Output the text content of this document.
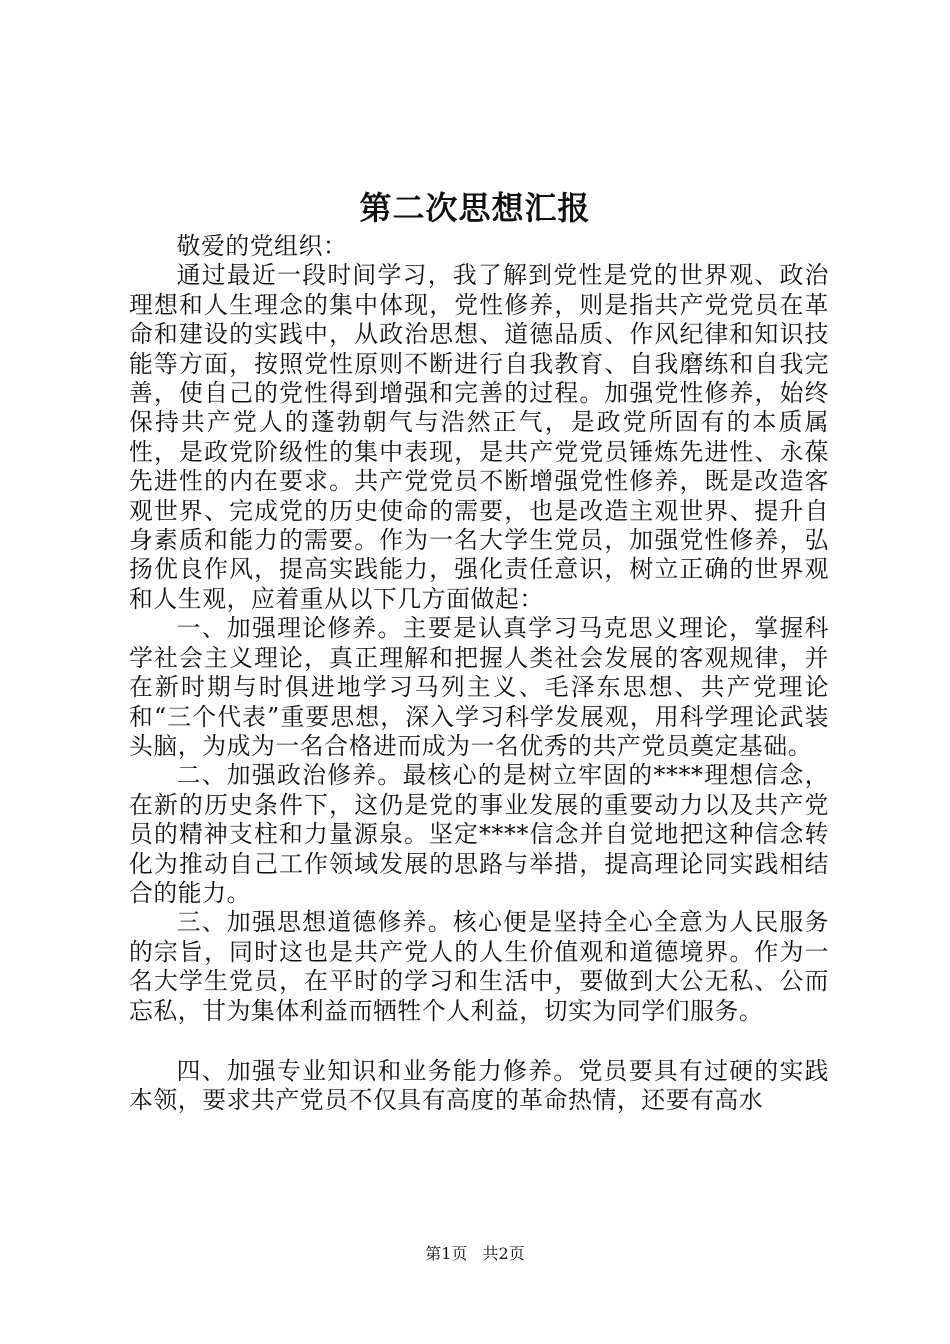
第二次思想汇报

敬爱的党组织：

通过最近一段时间学习，我了解到党性是党的世界观、政治理想和人生理念的集中体现，党性修养，则是指共产党党员在革命和建设的实践中，从政治思想、道德品质、作风纪律和知识技能等方面，按照党性原则不断进行自我教育、自我磨练和自我完善，使自己的党性得到增强和完善的过程。加强党性修养，始终保持共产党人的蓬勃朝气与浩然正气，是政党所固有的本质属性，是政党阶级性的集中表现，是共产党党员锤炼先进性、永葆先进性的内在要求。共产党党员不断增强党性修养，既是改造客观世界、完成党的历史使命的需要，也是改造主观世界、提升自身素质和能力的需要。作为一名大学生党员，加强党性修养，弘扬优良作风，提高实践能力，强化责任意识，树立正确的世界观和人生观，应着重从以下几方面做起：

一、加强理论修养。主要是认真学习马克思义理论，掌握科学社会主义理论，真正理解和把握人类社会发展的客观规律，并在新时期与时俱进地学习马列主义、毛泽东思想、共产党理论和“三个代表”重要思想，深入学习科学发展观，用科学理论武装头脑，为成为一名合格进而成为一名优秀的共产党员奠定基础。

二、加强政治修养。最核心的是树立牢固的****理想信念，在新的历史条件下，这仍是党的事业发展的重要动力以及共产党员的精神支柱和力量源泉。坚定****信念并自觉地把这种信念转化为推动自己工作领域发展的思路与举措，提高理论同实践相结合的能力。

三、加强思想道德修养。核心便是坚持全心全意为人民服务的宗旨，同时这也是共产党人的人生价值观和道德境界。作为一名大学生党员，在平时的学习和生活中，要做到大公无私、公而忘私，甘为集体利益而牺牲个人利益，切实为同学们服务。

四、加强专业知识和业务能力修养。党员要具有过硬的实践本领，要求共产党员不仅具有高度的革命热情，还要有高水

第1页 共2页
